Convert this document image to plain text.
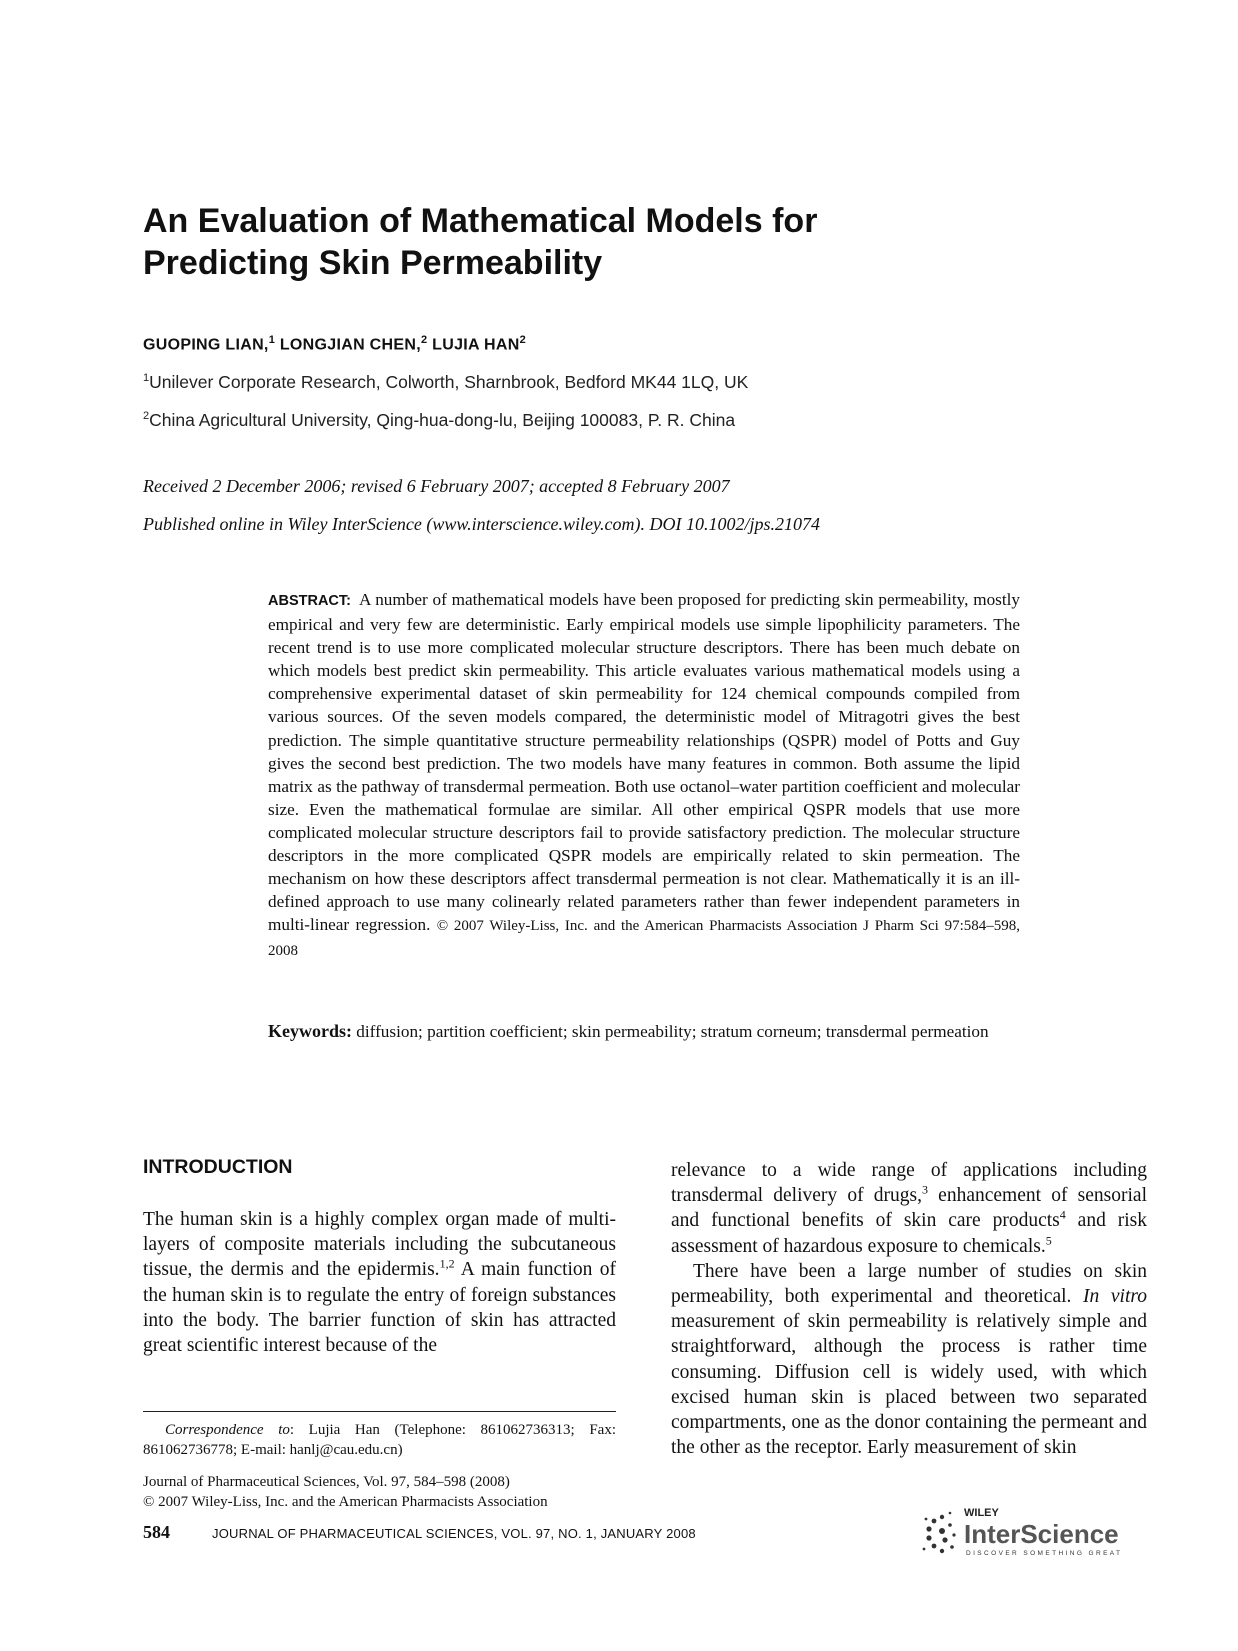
An Evaluation of Mathematical Models for
Predicting Skin Permeability
GUOPING LIAN,$^1$ LONGJIAN CHEN,$^2$ LUJIA HAN$^2$
$^1$Unilever Corporate Research, Colworth, Sharnbrook, Bedford MK44 1LQ, UK
$^2$China Agricultural University, Qing-hua-dong-lu, Beijing 100083, P. R. China
Received 2 December 2006; revised 6 February 2007; accepted 8 February 2007
Published online in Wiley InterScience (www.interscience.wiley.com). DOI 10.1002/jps.21074
ABSTRACT: A number of mathematical models have been proposed for predicting skin permeability, mostly empirical and very few are deterministic. Early empirical models use simple lipophilicity parameters. The recent trend is to use more complicated molecular structure descriptors. There has been much debate on which models best predict skin permeability. This article evaluates various mathematical models using a comprehensive experimental dataset of skin permeability for 124 chemical compounds compiled from various sources. Of the seven models compared, the deterministic model of Mitragotri gives the best prediction. The simple quantitative structure permeability relationships (QSPR) model of Potts and Guy gives the second best prediction. The two models have many features in common. Both assume the lipid matrix as the pathway of transdermal permeation. Both use octanol–water partition coefficient and molecular size. Even the mathematical formulae are similar. All other empirical QSPR models that use more complicated molecular structure descriptors fail to provide satisfactory prediction. The molecular structure descriptors in the more complicated QSPR models are empirically related to skin permeation. The mechanism on how these descriptors affect transdermal permeation is not clear. Mathematically it is an ill-defined approach to use many colinearly related parameters rather than fewer independent parameters in multi-linear regression. © 2007 Wiley-Liss, Inc. and the American Pharmacists Association J Pharm Sci 97:584–598, 2008
Keywords: diffusion; partition coefficient; skin permeability; stratum corneum; transdermal permeation
INTRODUCTION

The human skin is a highly complex organ made of multi-layers of composite materials including the subcutaneous tissue, the dermis and the epidermis.$^{1,2}$ A main function of the human skin is to regulate the entry of foreign substances into the body. The barrier function of skin has attracted great scientific interest because of the

relevance to a wide range of applications including transdermal delivery of drugs,$^3$ enhancement of sensorial and functional benefits of skin care products$^4$ and risk assessment of hazardous exposure to chemicals.$^5$

There have been a large number of studies on skin permeability, both experimental and theoretical. In vitro measurement of skin permeability is relatively simple and straightforward, although the process is rather time consuming. Diffusion cell is widely used, with which excised human skin is placed between two separated compartments, one as the donor containing the permeant and the other as the receptor. Early measurement of skin

Correspondence to: Lujia Han (Telephone: 861062736313; Fax: 861062736778; E-mail: hanlj@cau.edu.cn)
Journal of Pharmaceutical Sciences, Vol. 97, 584–598 (2008)
© 2007 Wiley-Liss, Inc. and the American Pharmacists Association
584	JOURNAL OF PHARMACEUTICAL SCIENCES, VOL. 97, NO. 1, JANUARY 2008
WILEY
InterScience
DISCOVER SOMETHING GREAT
